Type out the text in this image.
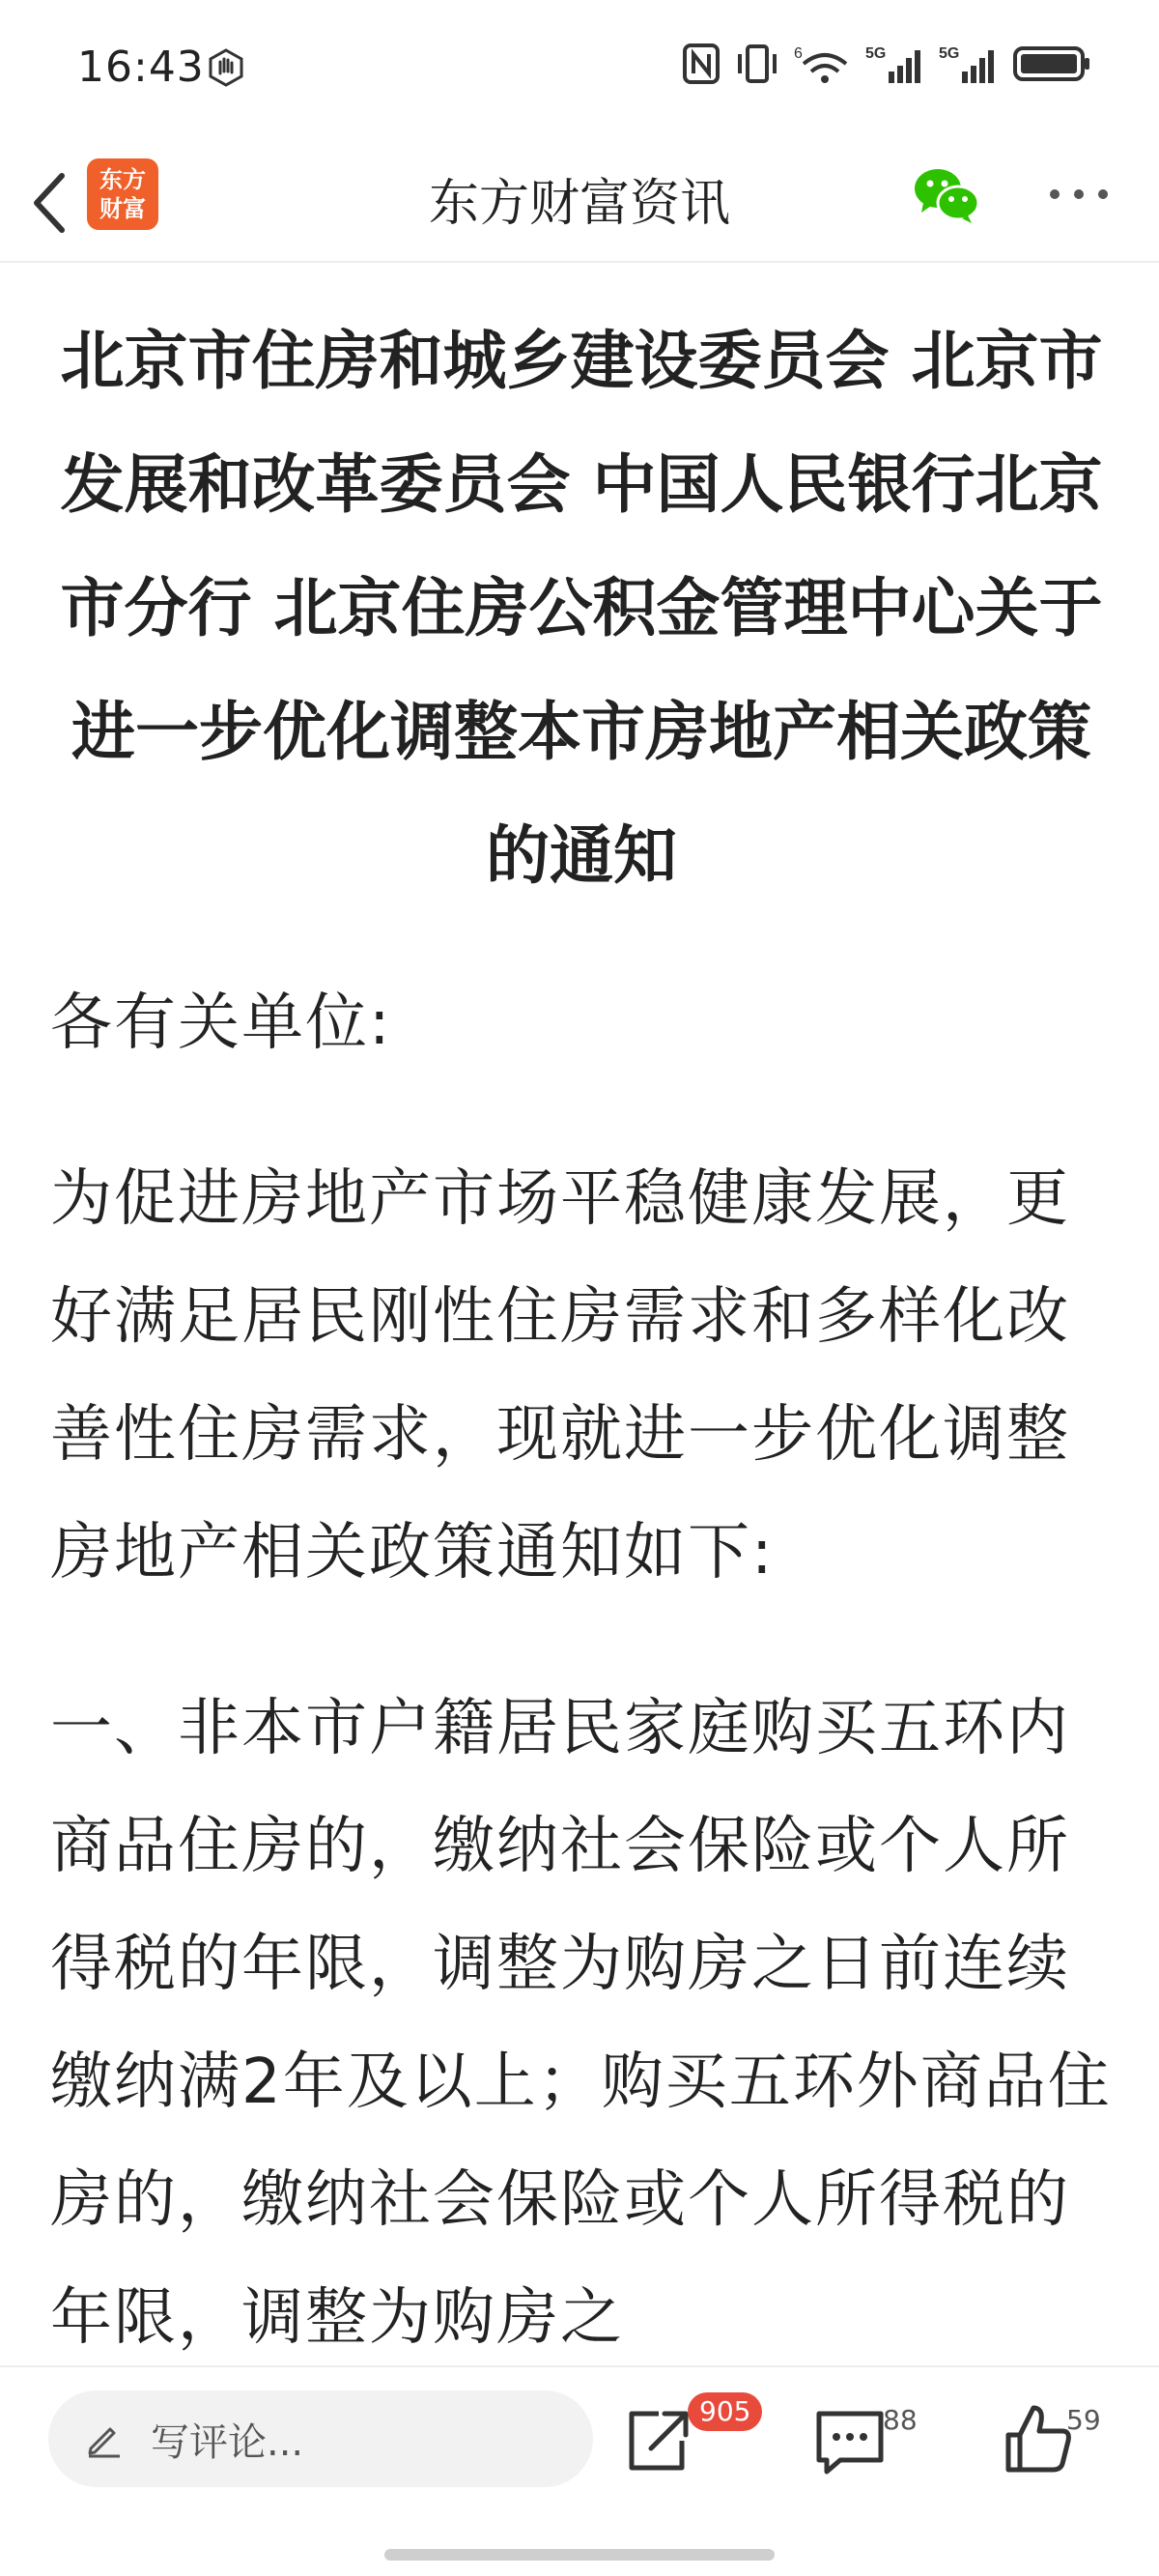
16:43	6	5G	5G
东方
财富	东方财富资讯
北京市住房和城乡建设委员会 北京市发展和改革委员会 中国人民银行北京市分行 北京住房公积金管理中心关于进一步优化调整本市房地产相关政策的通知

各有关单位:

为促进房地产市场平稳健康发展，更好满足居民刚性住房需求和多样化改善性住房需求，现就进一步优化调整房地产相关政策通知如下:

一、非本市户籍居民家庭购买五环内商品住房的，缴纳社会保险或个人所得税的年限，调整为购房之日前连续缴纳满2年及以上；购买五环外商品住房的，缴纳社会保险或个人所得税的年限，调整为购房之

写评论...
905	88	59
